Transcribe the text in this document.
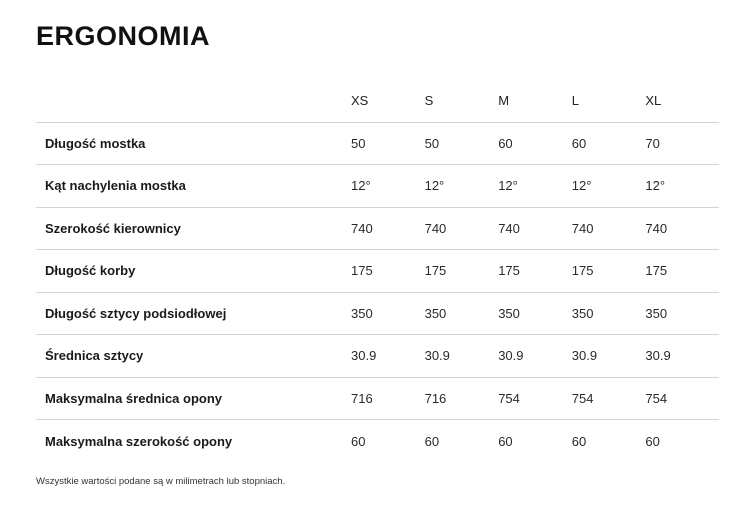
ERGONOMIA
	XS	S	M	L	XL
Długość mostka	50	50	60	60	70
Kąt nachylenia mostka	12°	12°	12°	12°	12°
Szerokość kierownicy	740	740	740	740	740
Długość korby	175	175	175	175	175
Długość sztycy podsiodłowej	350	350	350	350	350
Średnica sztycy	30.9	30.9	30.9	30.9	30.9
Maksymalna średnica opony	716	716	754	754	754
Maksymalna szerokość opony	60	60	60	60	60
Wszystkie wartości podane są w milimetrach lub stopniach.
